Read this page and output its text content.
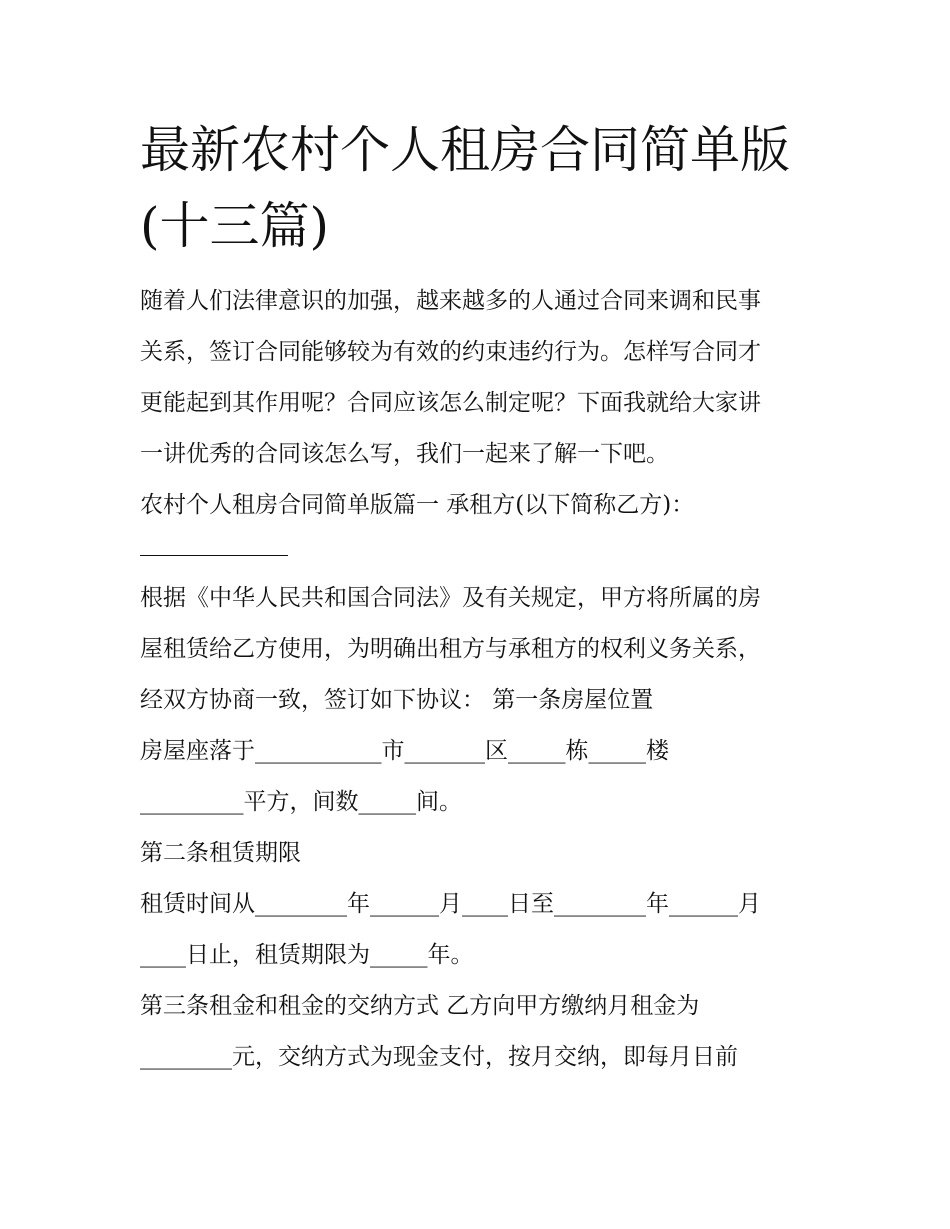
最新农村个人租房合同简单版(十三篇)

随着人们法律意识的加强，越来越多的人通过合同来调和民事

关系，签订合同能够较为有效的约束违约行为。怎样写合同才

更能起到其作用呢？合同应该怎么制定呢？下面我就给大家讲

一讲优秀的合同该怎么写，我们一起来了解一下吧。

农村个人租房合同简单版篇一 承租方(以下简称乙方)：

根据《中华人民共和国合同法》及有关规定，甲方将所属的房

屋租赁给乙方使用，为明确出租方与承租方的权利义务关系，

经双方协商一致，签订如下协议： 第一条房屋位置

房屋座落于___________市_______区_____栋_____楼

_________平方，间数_____间。

第二条租赁期限

租赁时间从________年______月____日至________年______月

____日止，租赁期限为_____年。

第三条租金和租金的交纳方式 乙方向甲方缴纳月租金为

________元，交纳方式为现金支付，按月交纳，即每月日前
